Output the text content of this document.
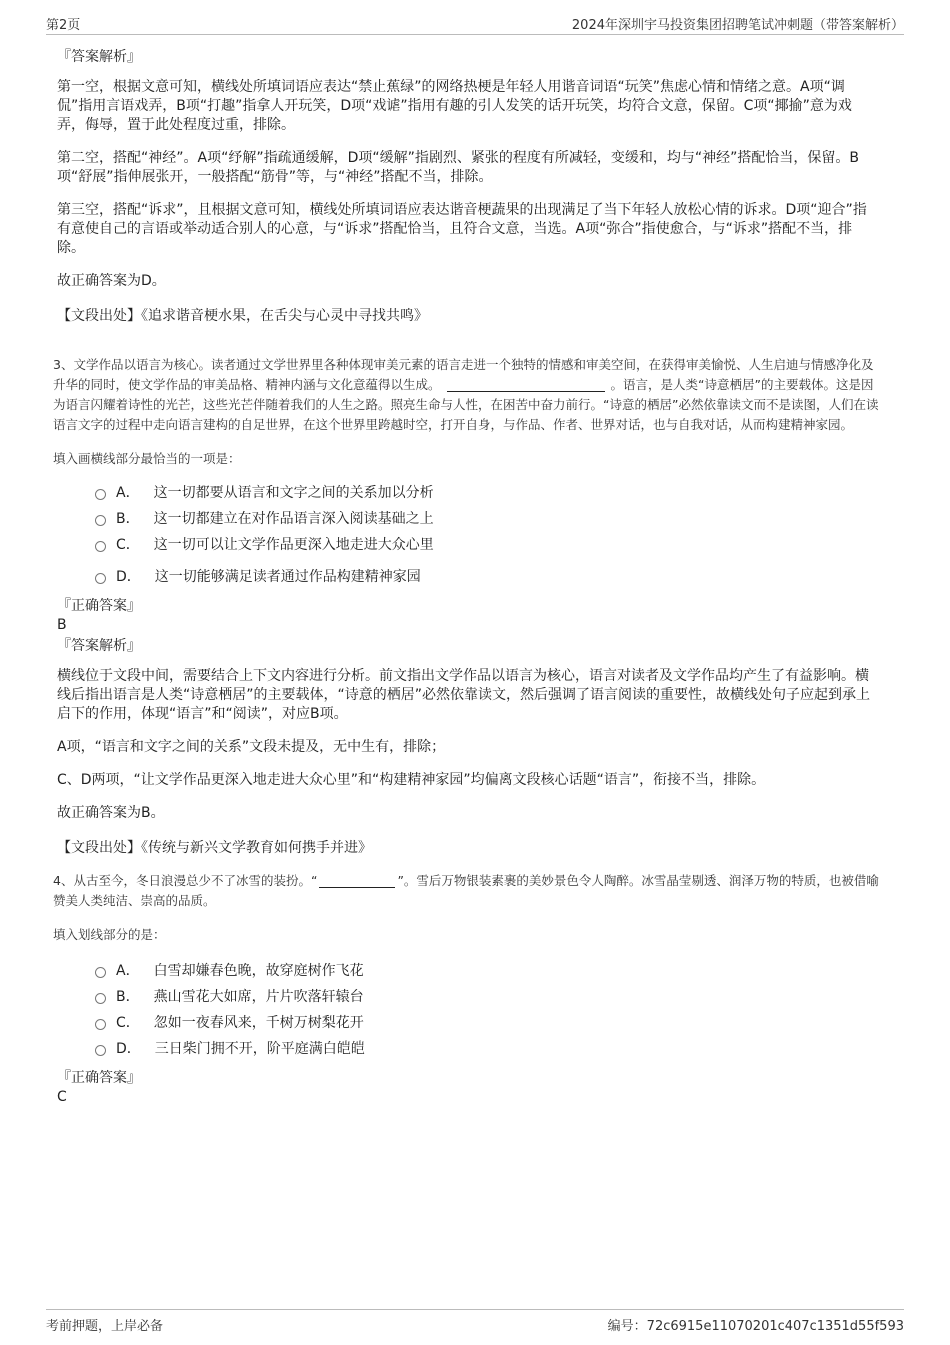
第2页	2024年深圳宇马投资集团招聘笔试冲刺题（带答案解析）
『答案解析』
第一空，根据文意可知，横线处所填词语应表达“禁止蕉绿”的网络热梗是年轻人用谐音词语“玩笑”焦虑心情和情绪之意。A项“调侃”指用言语戏弄，B项“打趣”指拿人开玩笑，D项“戏谑”指用有趣的引人发笑的话开玩笑，均符合文意，保留。C项“揶揄”意为戏弄，侮辱，置于此处程度过重，排除。
第二空，搭配“神经”。A项“纾解”指疏通缓解，D项“缓解”指剧烈、紧张的程度有所减轻，变缓和，均与“神经”搭配恰当，保留。B项“舒展”指伸展张开，一般搭配“筋骨”等，与“神经”搭配不当，排除。
第三空，搭配“诉求”，且根据文意可知，横线处所填词语应表达谐音梗蔬果的出现满足了当下年轻人放松心情的诉求。D项“迎合”指有意使自己的言语或举动适合别人的心意，与“诉求”搭配恰当，且符合文意，当选。A项“弥合”指使愈合，与“诉求”搭配不当，排除。
故正确答案为D。
【文段出处】《追求谐音梗水果，在舌尖与心灵中寻找共鸣》
3、文学作品以语言为核心。读者通过文学世界里各种体现审美元素的语言走进一个独特的情感和审美空间，在获得审美愉悦、人生启迪与情感净化及升华的同时，使文学作品的审美品格、精神内涵与文化意蕴得以生成。	。语言，是人类“诗意栖居”的主要载体。这是因为语言闪耀着诗性的光芒，这些光芒伴随着我们的人生之路。照亮生命与人性，在困苦中奋力前行。“诗意的栖居”必然依靠读文而不是读图，人们在读语言文字的过程中走向语言建构的自足世界，在这个世界里跨越时空，打开自身，与作品、作者、世界对话，也与自我对话，从而构建精神家园。
填入画横线部分最恰当的一项是：
A． 这一切都要从语言和文字之间的关系加以分析
B． 这一切都建立在对作品语言深入阅读基础之上
C． 这一切可以让文学作品更深入地走进大众心里
D． 这一切能够满足读者通过作品构建精神家园
『正确答案』
B
『答案解析』
横线位于文段中间，需要结合上下文内容进行分析。前文指出文学作品以语言为核心，语言对读者及文学作品均产生了有益影响。横线后指出语言是人类“诗意栖居”的主要载体，“诗意的栖居”必然依靠读文，然后强调了语言阅读的重要性，故横线处句子应起到承上启下的作用，体现“语言”和“阅读”，对应B项。
A项，“语言和文字之间的关系”文段未提及，无中生有，排除；
C、D两项，“让文学作品更深入地走进大众心里”和“构建精神家园”均偏离文段核心话题“语言”，衔接不当，排除。
故正确答案为B。
【文段出处】《传统与新兴文学教育如何携手并进》
4、从古至今，冬日浪漫总少不了冰雪的装扮。“	”。雪后万物银装素裹的美妙景色令人陶醉。冰雪晶莹剔透、润泽万物的特质，也被借喻赞美人类纯洁、崇高的品质。
填入划线部分的是：
A． 白雪却嫌春色晚，故穿庭树作飞花
B． 燕山雪花大如席，片片吹落轩辕台
C． 忽如一夜春风来，千树万树梨花开
D． 三日柴门拥不开，阶平庭满白皑皑
『正确答案』
C
考前押题，上岸必备	编号：72c6915e11070201c407c1351d55f593
